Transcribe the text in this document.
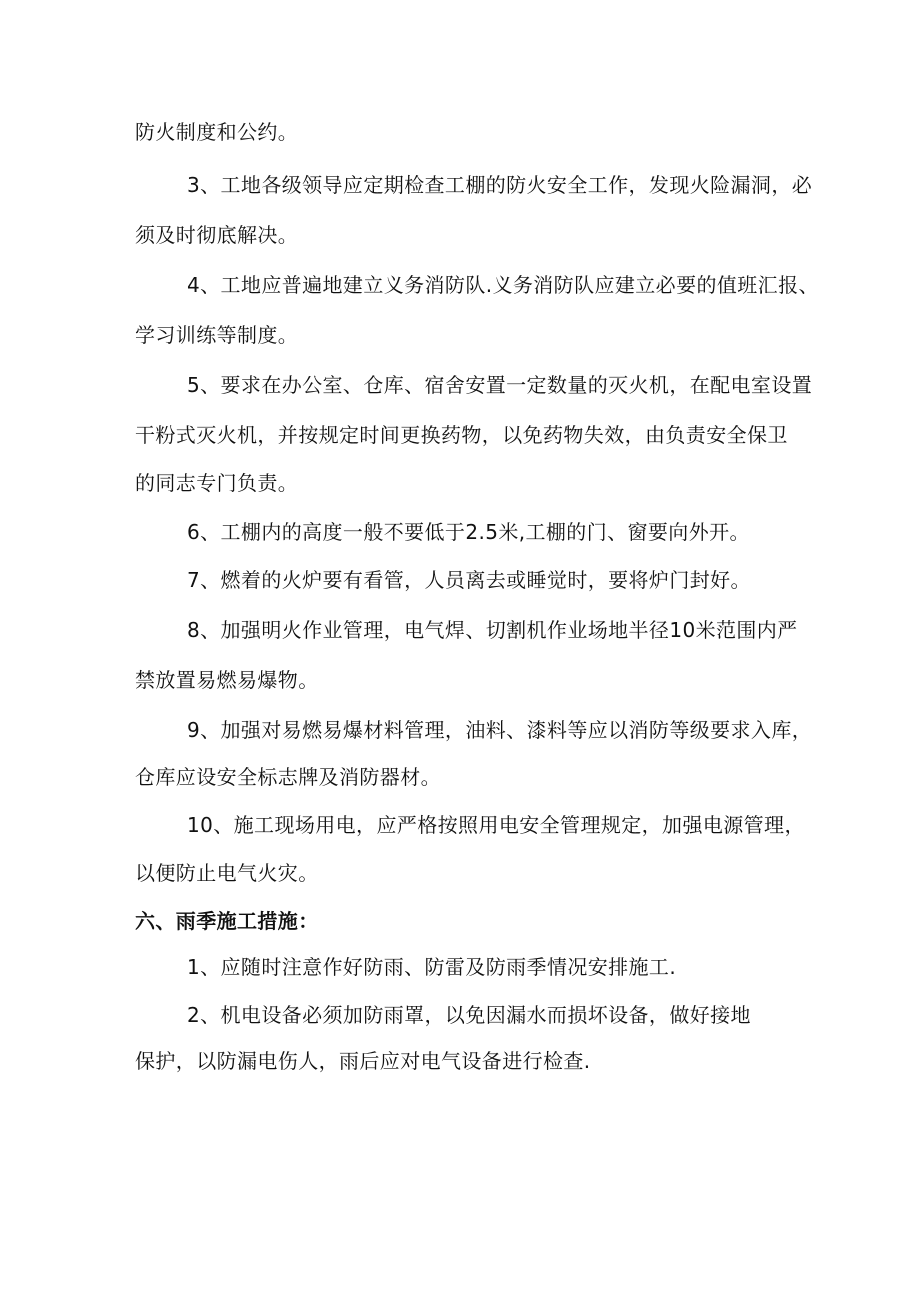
防火制度和公约。
3、工地各级领导应定期检查工棚的防火安全工作，发现火险漏洞，必
须及时彻底解决。
4、工地应普遍地建立义务消防队.义务消防队应建立必要的值班汇报、
学习训练等制度。
5、要求在办公室、仓库、宿舍安置一定数量的灭火机，在配电室设置
干粉式灭火机，并按规定时间更换药物，以免药物失效，由负责安全保卫
的同志专门负责。
6、工棚内的高度一般不要低于2.5米,工棚的门、窗要向外开。
7、燃着的火炉要有看管，人员离去或睡觉时，要将炉门封好。
8、加强明火作业管理，电气焊、切割机作业场地半径10米范围内严
禁放置易燃易爆物。
9、加强对易燃易爆材料管理，油料、漆料等应以消防等级要求入库，
仓库应设安全标志牌及消防器材。
10、施工现场用电，应严格按照用电安全管理规定，加强电源管理，
以便防止电气火灾。
六、雨季施工措施：
1、应随时注意作好防雨、防雷及防雨季情况安排施工.
2、机电设备必须加防雨罩，以免因漏水而损坏设备，做好接地
保护，以防漏电伤人，雨后应对电气设备进行检查.
